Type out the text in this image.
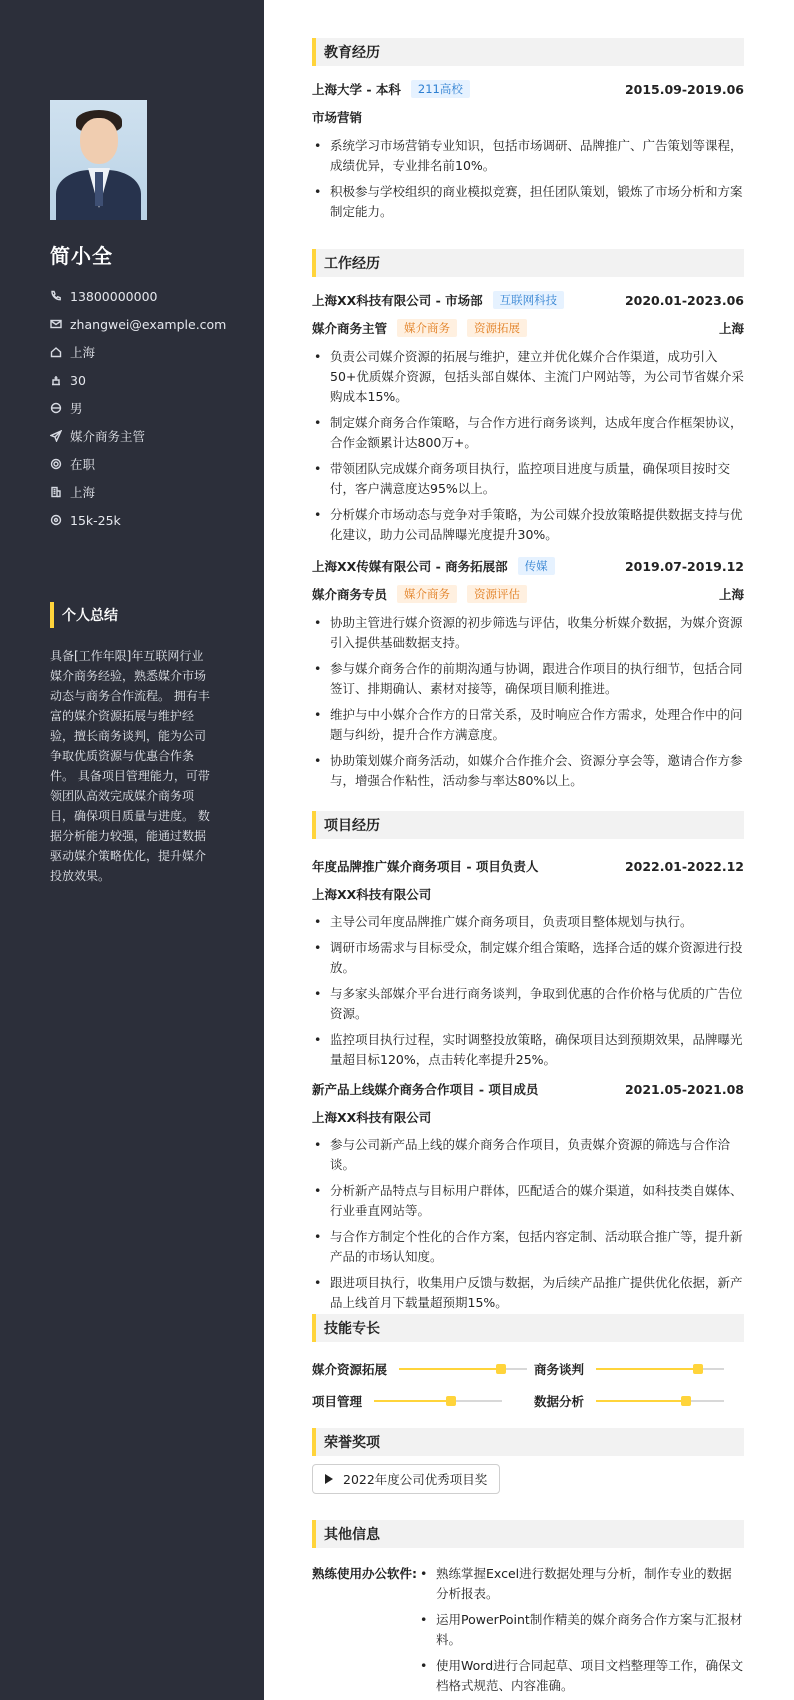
简小全
13800000000
zhangwei@example.com
上海
30
男
媒介商务主管
在职
上海
15k-25k
个人总结
具备[工作年限]年互联网行业媒介商务经验，熟悉媒介市场动态与商务合作流程。 拥有丰富的媒介资源拓展与维护经验，擅长商务谈判，能为公司争取优质资源与优惠合作条件。 具备项目管理能力，可带领团队高效完成媒介商务项目，确保项目质量与进度。 数据分析能力较强，能通过数据驱动媒介策略优化，提升媒介投放效果。
教育经历
上海大学 - 本科	211高校	2015.09-2019.06
市场营销
• 系统学习市场营销专业知识，包括市场调研、品牌推广、广告策划等课程，成绩优异，专业排名前10%。
• 积极参与学校组织的商业模拟竞赛，担任团队策划，锻炼了市场分析和方案制定能力。
工作经历
上海XX科技有限公司 - 市场部	互联网科技	2020.01-2023.06
媒介商务主管	媒介商务	资源拓展	上海
• 负责公司媒介资源的拓展与维护，建立并优化媒介合作渠道，成功引入50+优质媒介资源，包括头部自媒体、主流门户网站等，为公司节省媒介采购成本15%。
• 制定媒介商务合作策略，与合作方进行商务谈判，达成年度合作框架协议，合作金额累计达800万+。
• 带领团队完成媒介商务项目执行，监控项目进度与质量，确保项目按时交付，客户满意度达95%以上。
• 分析媒介市场动态与竞争对手策略，为公司媒介投放策略提供数据支持与优化建议，助力公司品牌曝光度提升30%。
上海XX传媒有限公司 - 商务拓展部	传媒	2019.07-2019.12
媒介商务专员	媒介商务	资源评估	上海
• 协助主管进行媒介资源的初步筛选与评估，收集分析媒介数据，为媒介资源引入提供基础数据支持。
• 参与媒介商务合作的前期沟通与协调，跟进合作项目的执行细节，包括合同签订、排期确认、素材对接等，确保项目顺利推进。
• 维护与中小媒介合作方的日常关系，及时响应合作方需求，处理合作中的问题与纠纷，提升合作方满意度。
• 协助策划媒介商务活动，如媒介合作推介会、资源分享会等，邀请合作方参与，增强合作粘性，活动参与率达80%以上。
项目经历
年度品牌推广媒介商务项目 - 项目负责人	2022.01-2022.12
上海XX科技有限公司
• 主导公司年度品牌推广媒介商务项目，负责项目整体规划与执行。
• 调研市场需求与目标受众，制定媒介组合策略，选择合适的媒介资源进行投放。
• 与多家头部媒介平台进行商务谈判，争取到优惠的合作价格与优质的广告位资源。
• 监控项目执行过程，实时调整投放策略，确保项目达到预期效果，品牌曝光量超目标120%，点击转化率提升25%。
新产品上线媒介商务合作项目 - 项目成员	2021.05-2021.08
上海XX科技有限公司
• 参与公司新产品上线的媒介商务合作项目，负责媒介资源的筛选与合作洽谈。
• 分析新产品特点与目标用户群体，匹配适合的媒介渠道，如科技类自媒体、行业垂直网站等。
• 与合作方制定个性化的合作方案，包括内容定制、活动联合推广等，提升新产品的市场认知度。
• 跟进项目执行，收集用户反馈与数据，为后续产品推广提供优化依据，新产品上线首月下载量超预期15%。
技能专长
媒介资源拓展	商务谈判
项目管理	数据分析
荣誉奖项
2022年度公司优秀项目奖
其他信息
熟练使用办公软件:
•	熟练掌握Excel进行数据处理与分析，制作专业的数据分析报表。
• 运用PowerPoint制作精美的媒介商务合作方案与汇报材料。
• 使用Word进行合同起草、项目文档整理等工作，确保文档格式规范、内容准确。
